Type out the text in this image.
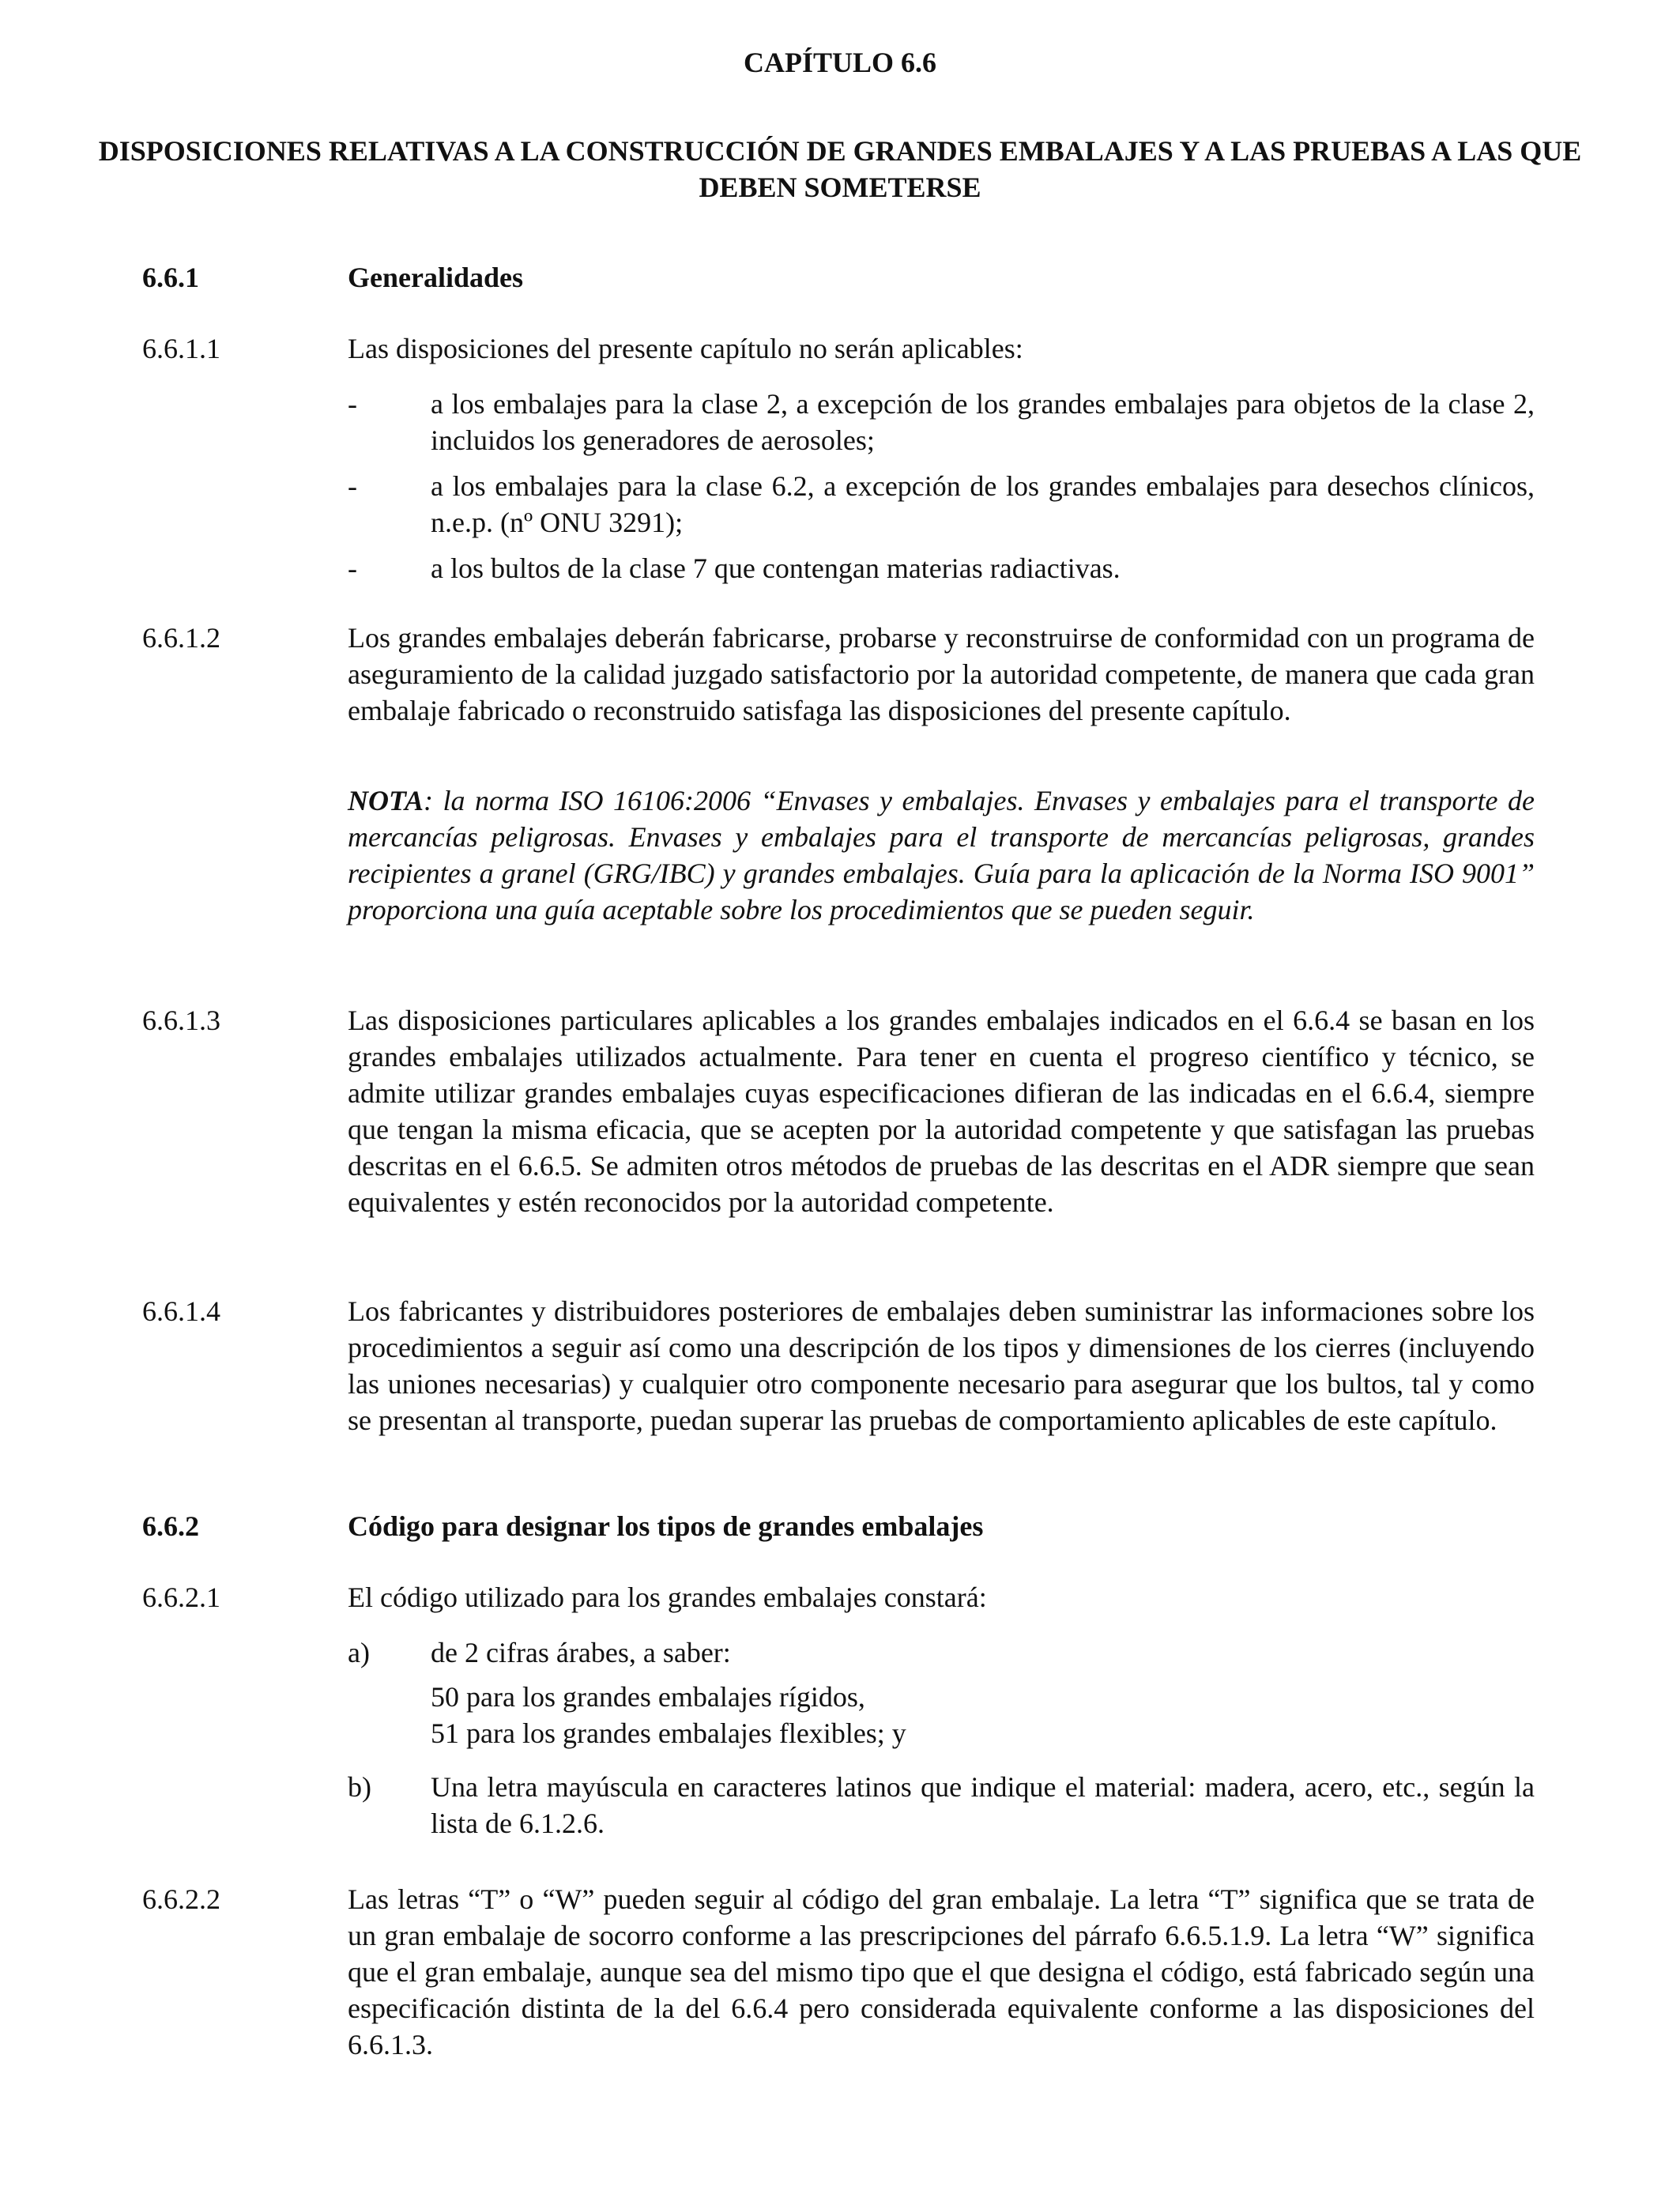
CAPÍTULO 6.6
DISPOSICIONES RELATIVAS A LA CONSTRUCCIÓN DE GRANDES EMBALAJES Y A LAS PRUEBAS A LAS QUE DEBEN SOMETERSE
6.6.1	Generalidades
6.6.1.1	Las disposiciones del presente capítulo no serán aplicables:
-	a los embalajes para la clase 2, a excepción de los grandes embalajes para objetos de la clase 2, incluidos los generadores de aerosoles;
-	a los embalajes para la clase 6.2, a excepción de los grandes embalajes para desechos clínicos, n.e.p. (nº ONU 3291);
-	a los bultos de la clase 7 que contengan materias radiactivas.
6.6.1.2	Los grandes embalajes deberán fabricarse, probarse y reconstruirse de conformidad con un programa de aseguramiento de la calidad juzgado satisfactorio por la autoridad competente, de manera que cada gran embalaje fabricado o reconstruido satisfaga las disposiciones del presente capítulo.
NOTA: la norma ISO 16106:2006 “Envases y embalajes. Envases y embalajes para el transporte de mercancías peligrosas. Envases y embalajes para el transporte de mercancías peligrosas, grandes recipientes a granel (GRG/IBC) y grandes embalajes. Guía para la aplicación de la Norma ISO 9001” proporciona una guía aceptable sobre los procedimientos que se pueden seguir.
6.6.1.3	Las disposiciones particulares aplicables a los grandes embalajes indicados en el 6.6.4 se basan en los grandes embalajes utilizados actualmente. Para tener en cuenta el progreso científico y técnico, se admite utilizar grandes embalajes cuyas especificaciones difieran de las indicadas en el 6.6.4, siempre que tengan la misma eficacia, que se acepten por la autoridad competente y que satisfagan las pruebas descritas en el 6.6.5. Se admiten otros métodos de pruebas de las descritas en el ADR siempre que sean equivalentes y estén reconocidos por la autoridad competente.
6.6.1.4	Los fabricantes y distribuidores posteriores de embalajes deben suministrar las informaciones sobre los procedimientos a seguir así como una descripción de los tipos y dimensiones de los cierres (incluyendo las uniones necesarias) y cualquier otro componente necesario para asegurar que los bultos, tal y como se presentan al transporte, puedan superar las pruebas de comportamiento aplicables de este capítulo.
6.6.2	Código para designar los tipos de grandes embalajes
6.6.2.1	El código utilizado para los grandes embalajes constará:
a) de 2 cifras árabes, a saber:
50 para los grandes embalajes rígidos,
51 para los grandes embalajes flexibles; y
b) Una letra mayúscula en caracteres latinos que indique el material: madera, acero, etc., según la lista de 6.1.2.6.
6.6.2.2	Las letras “T” o “W” pueden seguir al código del gran embalaje. La letra “T” significa que se trata de un gran embalaje de socorro conforme a las prescripciones del párrafo 6.6.5.1.9. La letra “W” significa que el gran embalaje, aunque sea del mismo tipo que el que designa el código, está fabricado según una especificación distinta de la del 6.6.4 pero considerada equivalente conforme a las disposiciones del 6.6.1.3.
